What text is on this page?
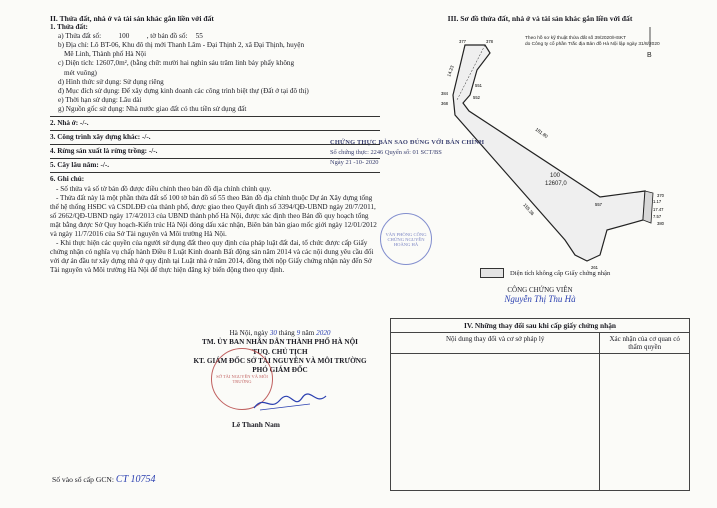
II. Thửa đất, nhà ở và tài sản khác gắn liền với đất
1. Thửa đất:
a) Thửa đất số: 100 , tờ bản đồ số: 55
b) Địa chỉ: Lô BT-06, Khu đô thị mới Thanh Lâm - Đại Thịnh 2, xã Đại Thịnh, huyện
Mê Linh, Thành phố Hà Nội
c) Diện tích: 12607,0m², (bằng chữ: mười hai nghìn sáu trăm linh bảy phẩy không
mét vuông)
d) Hình thức sử dụng: Sử dụng riêng
đ) Mục đích sử dụng: Để xây dựng kinh doanh các công trình biệt thự (Đất ở tại đô thị)
e) Thời hạn sử dụng: Lâu dài
g) Nguồn gốc sử dụng: Nhà nước giao đất có thu tiền sử dụng đất
2. Nhà ở: -/-.
3. Công trình xây dựng khác: -/-.
4. Rừng sản xuất là rừng trồng: -/-.
5. Cây lâu năm: -/-.
6. Ghi chú:
- Số thửa và số tờ bản đồ được điều chỉnh theo bản đồ địa chính chính quy.
- Thửa đất này là một phần thửa đất số 100 tờ bản đồ số 55 theo Bản đồ địa chính thuộc Dự án Xây dựng tổng thể hệ thống HSĐC và CSDLĐĐ của thành phố, được giao theo Quyết định số 3394/QĐ-UBND ngày 20/7/2011, số 2662/QĐ-UBND ngày 17/4/2013 của UBND thành phố Hà Nội, được xác định theo Bản đồ quy hoạch tổng mặt bằng được Sở Quy hoạch-Kiến trúc Hà Nội đóng dấu xác nhận, Biên bản bàn giao mốc giới ngày 12/01/2012 và ngày 11/7/2016 của Sở Tài nguyên và Môi trường Hà Nội.
- Khi thực hiện các quyền của người sử dụng đất theo quy định của pháp luật đất đai, tổ chức được cấp Giấy chứng nhận có nghĩa vụ chấp hành Điều 8 Luật Kinh doanh Bất động sản năm 2014 và các nội dung yêu cầu đối với dự án đầu tư xây dựng nhà ở quy định tại Luật nhà ở năm 2014, đồng thời nộp Giấy chứng nhận này đến Sở Tài nguyên và Môi trường Hà Nội để thực hiện đăng ký biến động theo quy định.
Hà Nội, ngày 30 tháng 9 năm 2020
TM. ỦY BAN NHÂN DÂN THÀNH PHỐ HÀ NỘI
TUQ. CHỦ TỊCH
KT. GIÁM ĐỐC SỞ TÀI NGUYÊN VÀ MÔI TRƯỜNG
PHÓ GIÁM ĐỐC
SỞ TÀI NGUYÊN VÀ MÔI TRƯỜNG
Lê Thanh Nam
Số vào sổ cấp GCN: CT 10754
III. Sơ đồ thửa đất, nhà ở và tài sản khác gắn liền với đất
Theo hồ sơ kỹ thuật thửa đất số 39/2020/HSKT
do Công ty cổ phần Trắc địa Bản đồ Hà Nội lập ngày 31/8/2020
B
100
12607,0
377	378
384
368
551
552
557
261
370
380
181.80
14.23
1.17
17.47
7.57
155.36
Diện tích không cấp Giấy chứng nhận
CHỨNG THỰC BẢN SAO ĐÚNG VỚI BẢN CHÍNH
Số chứng thực: 2246 Quyển số: 01 SCT/BS
Ngày 21 -10- 2020
VĂN PHÒNG CÔNG CHỨNG NGUYỄN HOÀNG HÀ
CÔNG CHỨNG VIÊN
Nguyễn Thị Thu Hà
IV. Những thay đổi sau khi cấp giấy chứng nhận	
Nội dung thay đổi và cơ sở pháp lý	Xác nhận của cơ quan có thẩm quyền
